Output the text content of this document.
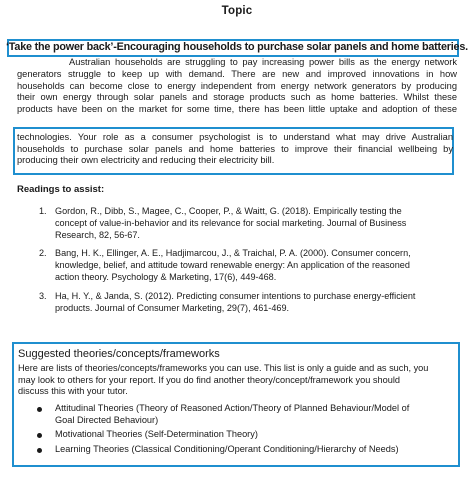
Topic
‘Take the power back’-Encouraging households to purchase solar panels and home batteries.
Australian households are struggling to pay increasing power bills as the energy network
generators struggle to keep up with demand. There are new and improved innovations in how
households can become close to energy independent from energy network generators by producing
their own energy through solar panels and storage products such as home batteries. Whilst these
products have been on the market for some time, there has been little uptake and adoption of these
technologies. Your role as a consumer psychologist is to understand what may drive Australian
households to purchase solar panels and home batteries to improve their financial wellbeing by
producing their own electricity and reducing their electricity bill.
Readings to assist:
1. Gordon, R., Dibb, S., Magee, C., Cooper, P., & Waitt, G. (2018). Empirically testing the
concept of value-in-behavior and its relevance for social marketing. Journal of Business
Research, 82, 56-67.
2. Bang, H. K., Ellinger, A. E., Hadjimarcou, J., & Traichal, P. A. (2000). Consumer concern,
knowledge, belief, and attitude toward renewable energy: An application of the reasoned
action theory. Psychology & Marketing, 17(6), 449-468.
3. Ha, H. Y., & Janda, S. (2012). Predicting consumer intentions to purchase energy-efficient
products. Journal of Consumer Marketing, 29(7), 461-469.
Suggested theories/concepts/frameworks
Here are lists of theories/concepts/frameworks you can use. This list is only a guide and as such, you
may look to others for your report. If you do find another theory/concept/framework you should
discuss this with your tutor.
Attitudinal Theories (Theory of Reasoned Action/Theory of Planned Behaviour/Model of
Goal Directed Behaviour)
Motivational Theories (Self-Determination Theory)
Learning Theories (Classical Conditioning/Operant Conditioning/Hierarchy of Needs)
